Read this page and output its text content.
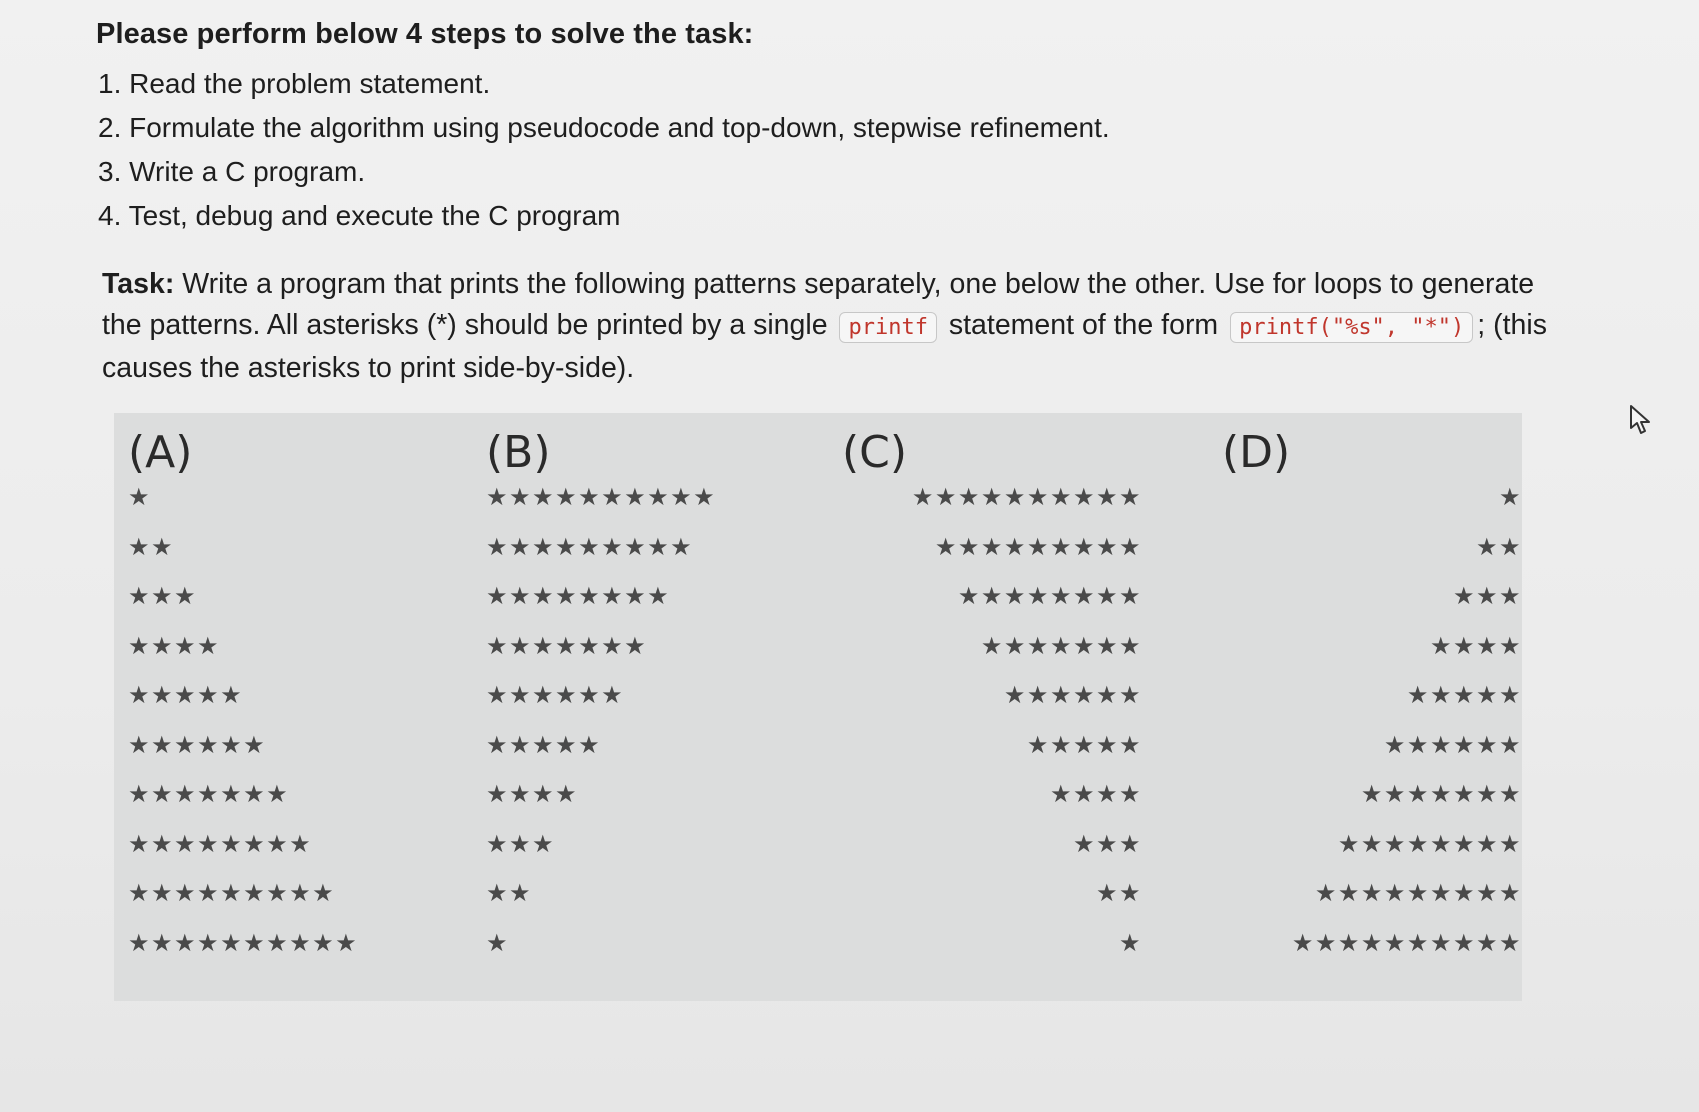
Please perform below 4 steps to solve the task:
1. Read the problem statement.
2. Formulate the algorithm using pseudocode and top-down, stepwise refinement.
3. Write a C program.
4. Test, debug and execute the C program
Task: Write a program that prints the following patterns separately, one below the other. Use for loops to generate the patterns. All asterisks (*) should be printed by a single printf statement of the form printf("%s", "*") ; (this causes the asterisks to print side-by-side).
(A)
★
★★
★★★
★★★★
★★★★★
★★★★★★
★★★★★★★
★★★★★★★★
★★★★★★★★★
★★★★★★★★★★
(B)
★★★★★★★★★★
★★★★★★★★★
★★★★★★★★
★★★★★★★
★★★★★★
★★★★★
★★★★
★★★
★★
★
(C)
★★★★★★★★★★
★★★★★★★★★
★★★★★★★★
★★★★★★★
★★★★★★
★★★★★
★★★★
★★★
★★
★
(D)
★
★★
★★★
★★★★
★★★★★
★★★★★★
★★★★★★★
★★★★★★★★
★★★★★★★★★
★★★★★★★★★★
